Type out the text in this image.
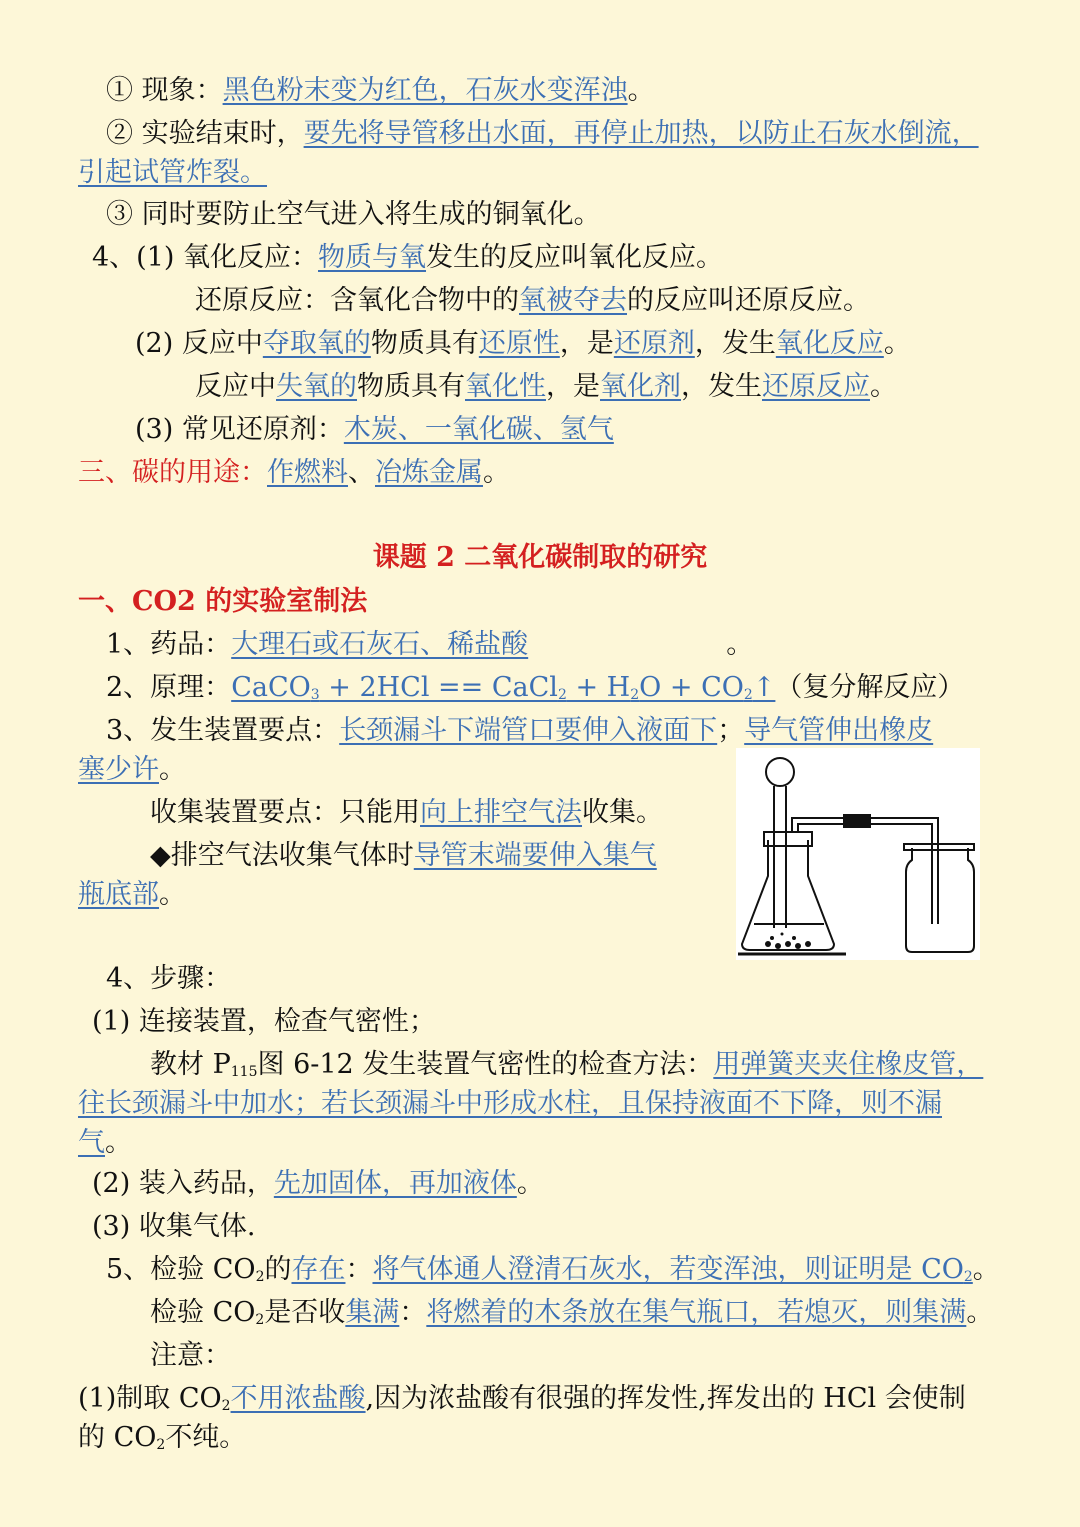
① 现象：黑色粉末变为红色，石灰水变浑浊。
② 实验结束时，要先将导管移出水面，再停止加热，以防止石灰水倒流，
引起试管炸裂。
③ 同时要防止空气进入将生成的铜氧化。
4、(1) 氧化反应：物质与氧发生的反应叫氧化反应。
还原反应：含氧化合物中的氧被夺去的反应叫还原反应。
(2) 反应中夺取氧的物质具有还原性，是还原剂，发生氧化反应。
反应中失氧的物质具有氧化性，是氧化剂，发生还原反应。
(3) 常见还原剂：木炭、一氧化碳、氢气
三、碳的用途：作燃料、冶炼金属。
课题 2 二氧化碳制取的研究
一、CO2 的实验室制法
1、药品：大理石或石灰石、稀盐酸	。
2、原理：CaCO$_3$ + 2HCl == CaCl$_2$ + $H_2O$ + $CO_2↑$（复分解反应）
3、发生装置要点：长颈漏斗下端管口要伸入液面下；导气管伸出橡皮
塞少许。
收集装置要点：只能用向上排空气法收集。
◆排空气法收集气体时导管末端要伸入集气
瓶底部。
4、步骤：
(1) 连接装置，检查气密性；
教材 $P_{115}$图 6-12 发生装置气密性的检查方法：用弹簧夹夹住橡皮管，
往长颈漏斗中加水；若长颈漏斗中形成水柱，且保持液面不下降，则不漏
气。
(2) 装入药品，先加固体，再加液体。
(3) 收集气体.
5、检验 $CO_2$的存在：将气体通人澄清石灰水，若变浑浊，则证明是 $CO_2$。
检验 $CO_2$是否收集满：将燃着的木条放在集气瓶口，若熄灭，则集满。
注意：
(1)制取 $CO_2$不用浓盐酸,因为浓盐酸有很强的挥发性,挥发出的 HCl 会使制
的 $CO_2$不纯。
